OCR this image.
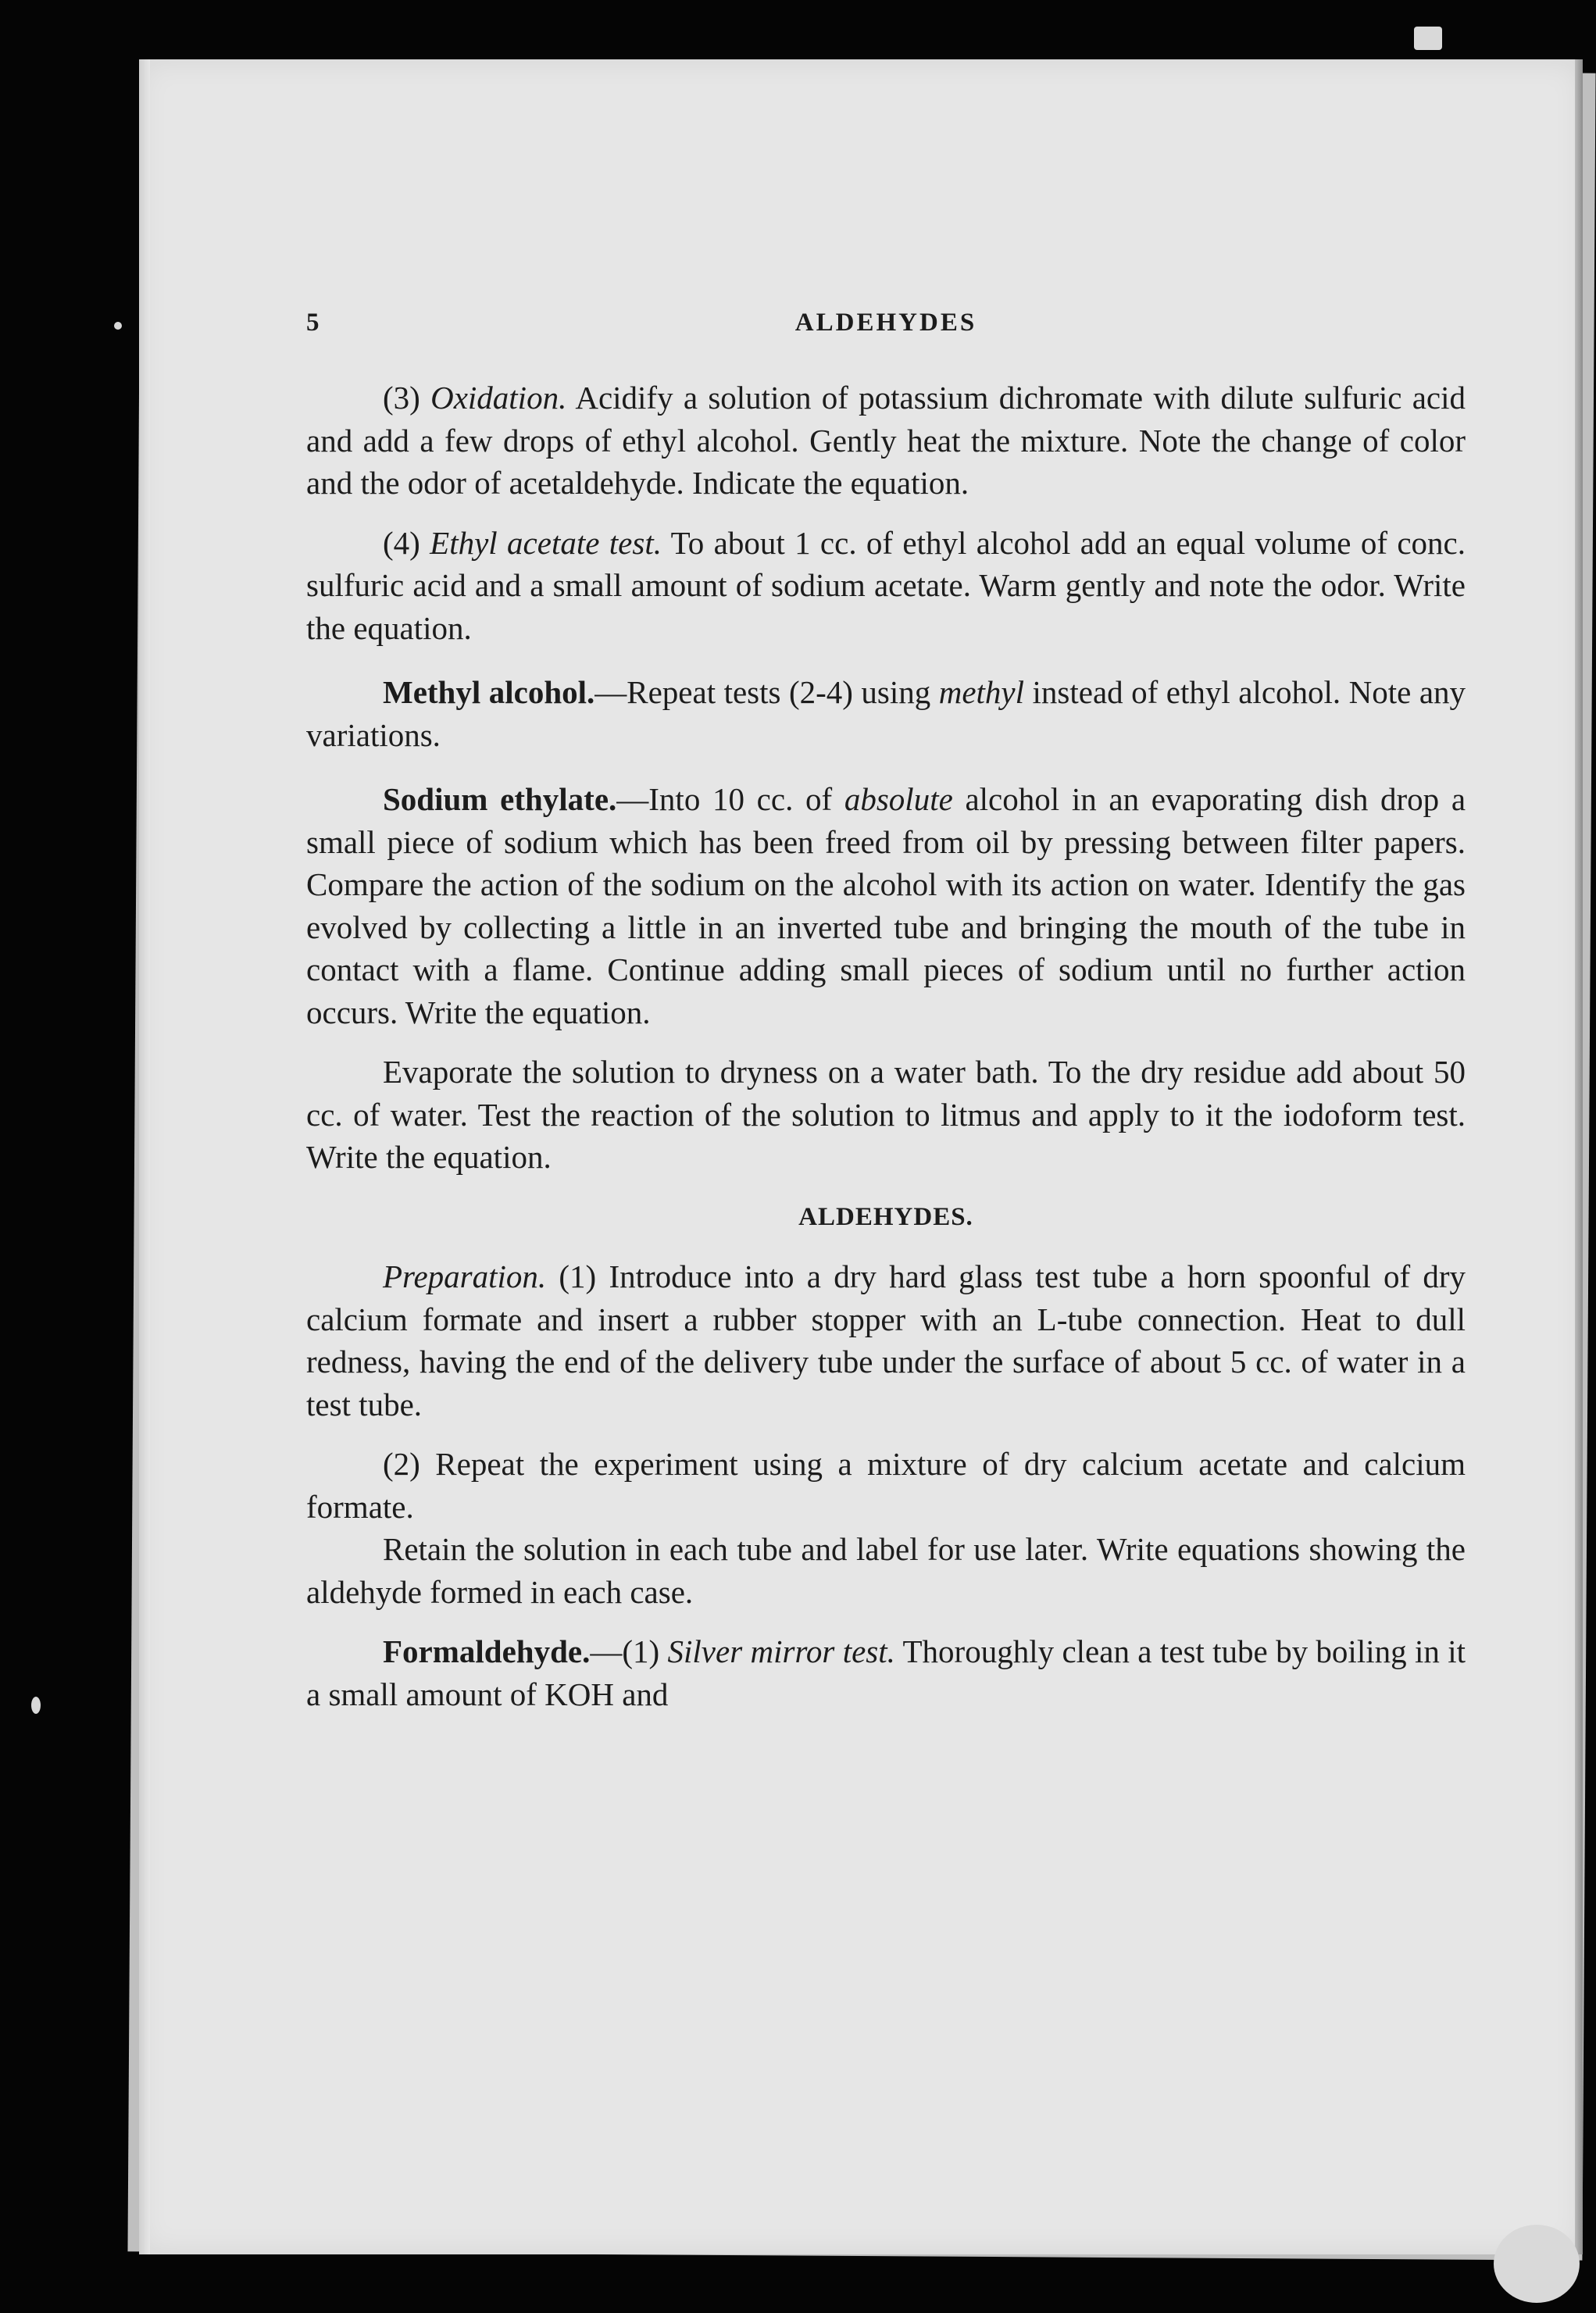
5	ALDEHYDES

(3) Oxidation. Acidify a solution of potassium dichromate with dilute sulfuric acid and add a few drops of ethyl alcohol. Gently heat the mixture. Note the change of color and the odor of acetaldehyde. Indicate the equation.

(4) Ethyl acetate test. To about 1 cc. of ethyl alcohol add an equal volume of conc. sulfuric acid and a small amount of sodium acetate. Warm gently and note the odor. Write the equation.

Methyl alcohol.—Repeat tests (2-4) using methyl instead of ethyl alcohol. Note any variations.

Sodium ethylate.—Into 10 cc. of absolute alcohol in an evaporating dish drop a small piece of sodium which has been freed from oil by pressing between filter papers. Compare the action of the sodium on the alcohol with its action on water. Identify the gas evolved by collecting a little in an inverted tube and bringing the mouth of the tube in contact with a flame. Continue adding small pieces of sodium until no further action occurs. Write the equation.

Evaporate the solution to dryness on a water bath. To the dry residue add about 50 cc. of water. Test the reaction of the solution to litmus and apply to it the iodoform test. Write the equation.

ALDEHYDES.

Preparation. (1) Introduce into a dry hard glass test tube a horn spoonful of dry calcium formate and insert a rubber stopper with an L-tube connection. Heat to dull redness, having the end of the delivery tube under the surface of about 5 cc. of water in a test tube.

(2) Repeat the experiment using a mixture of dry calcium acetate and calcium formate.

Retain the solution in each tube and label for use later. Write equations showing the aldehyde formed in each case.

Formaldehyde.—(1) Silver mirror test. Thoroughly clean a test tube by boiling in it a small amount of KOH and
